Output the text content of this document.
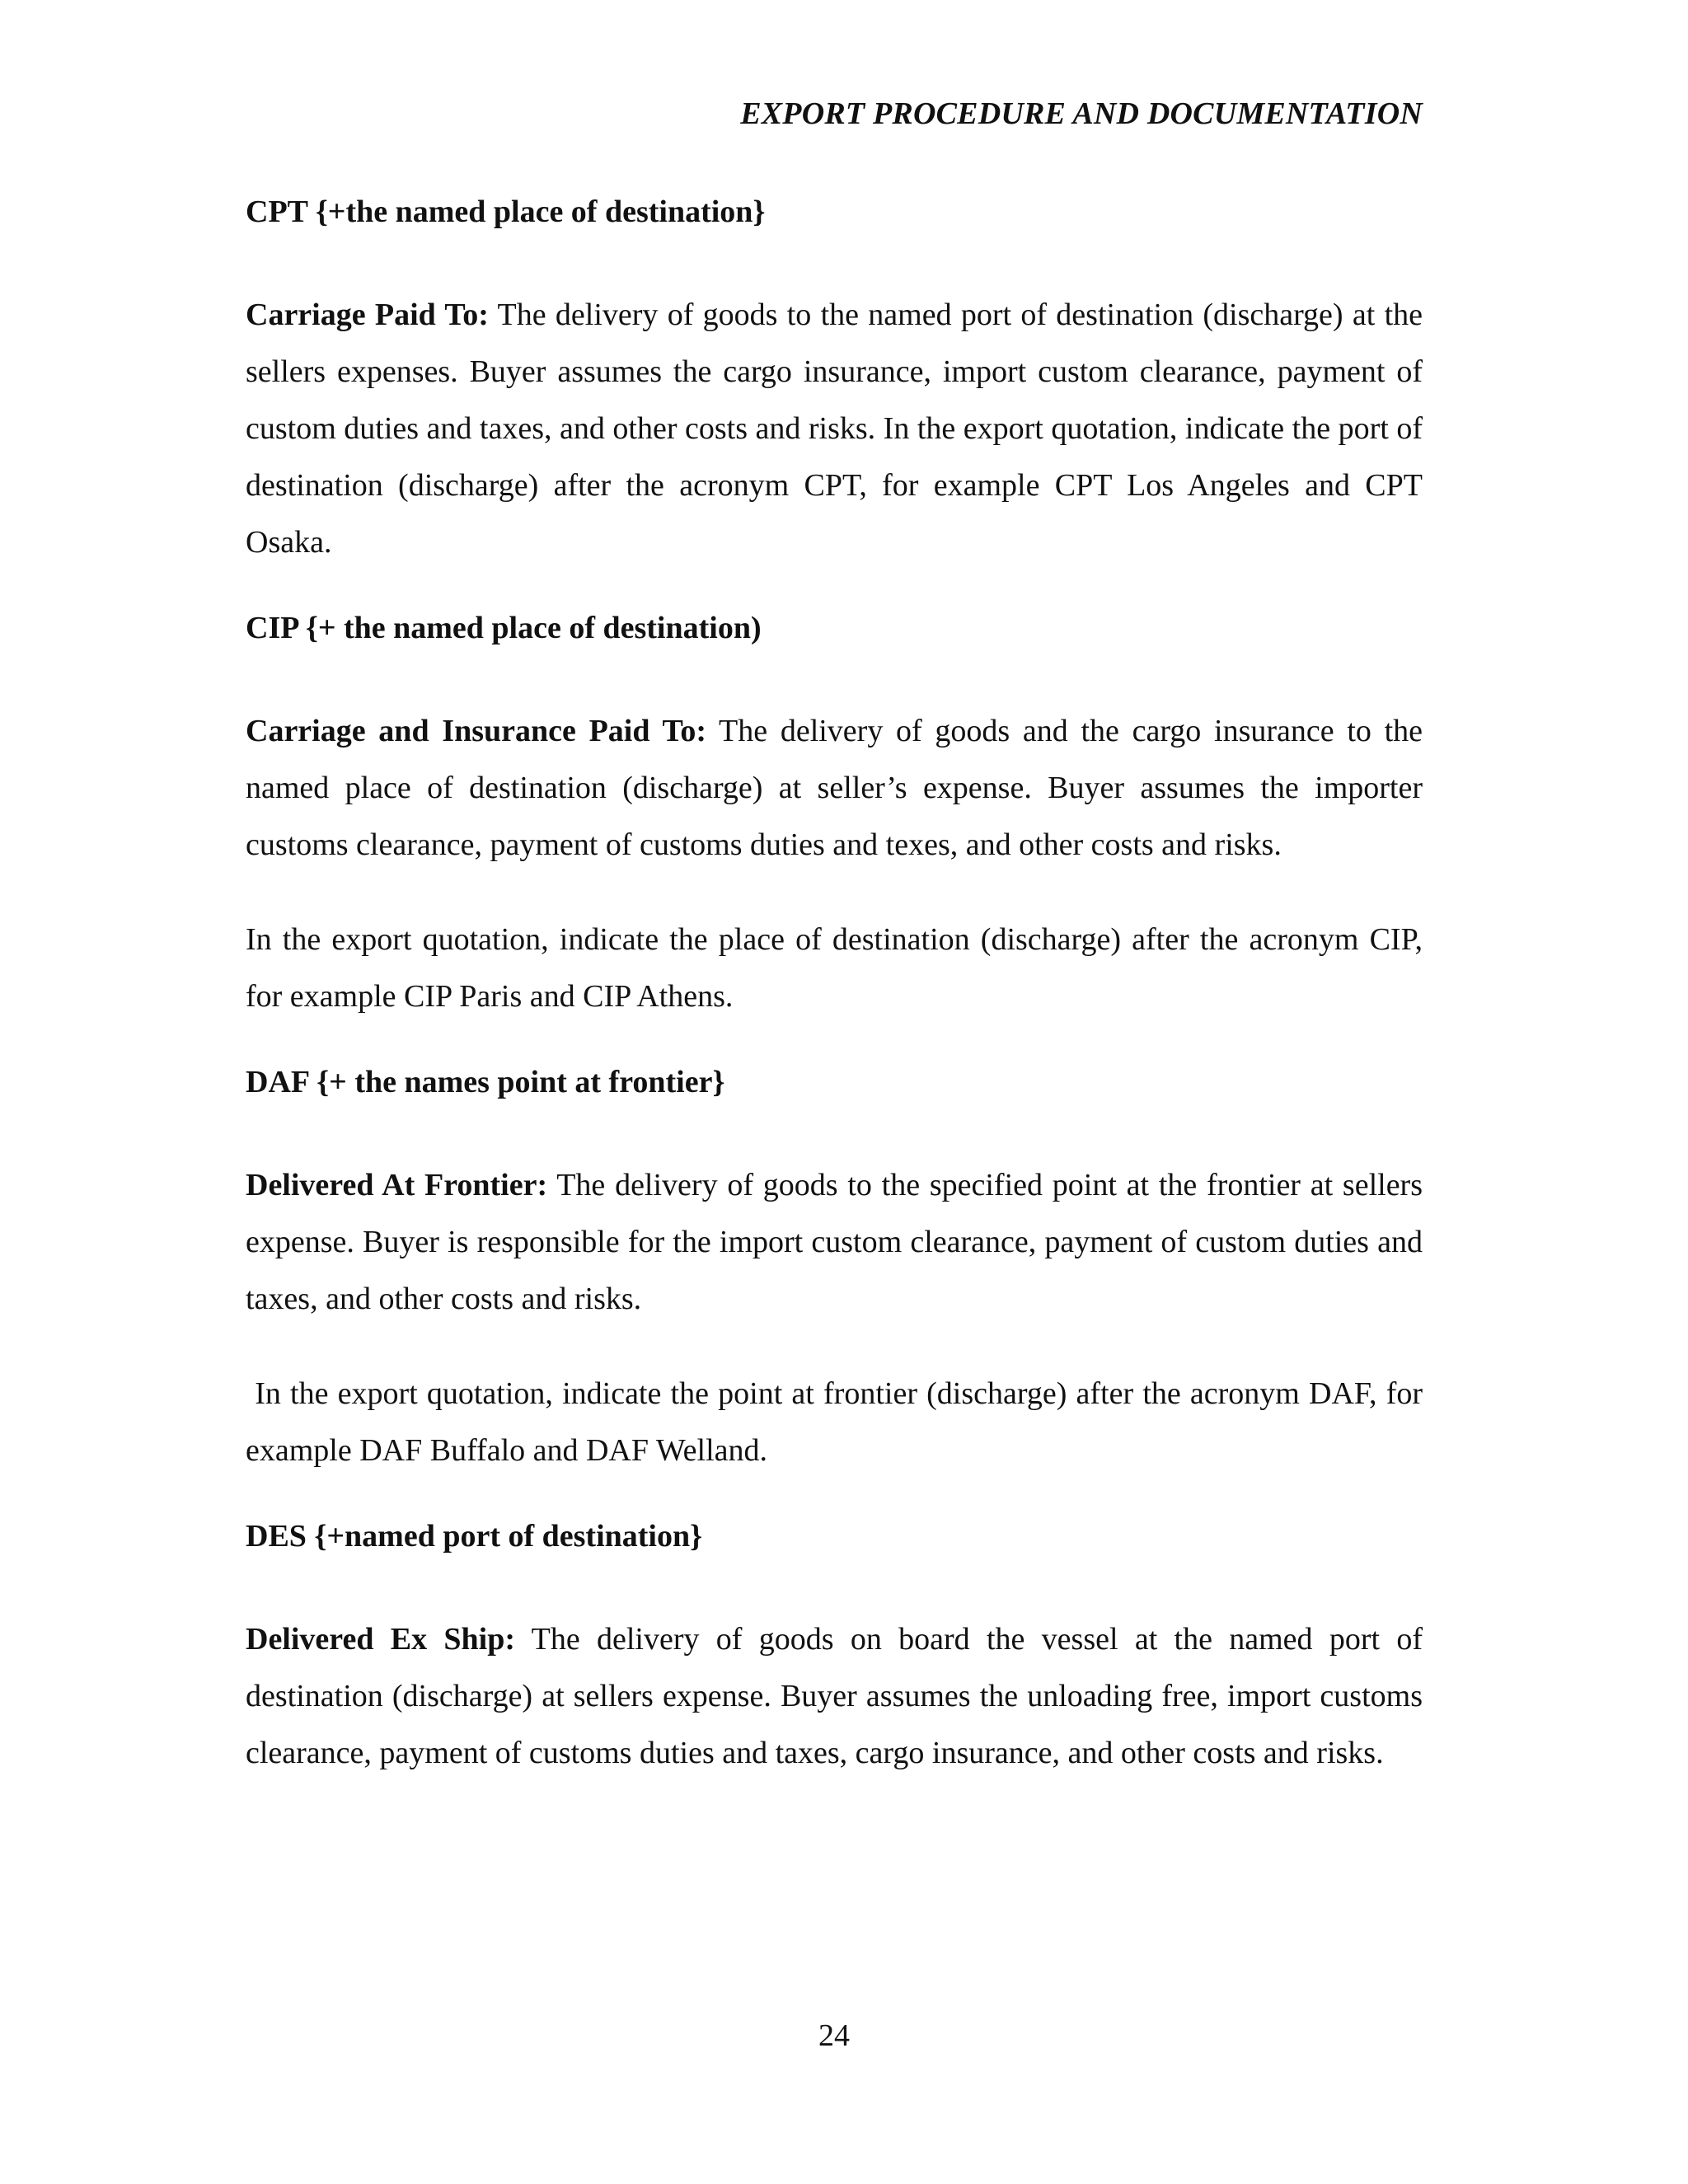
EXPORT PROCEDURE AND DOCUMENTATION
CPT {+the named place of destination}
Carriage Paid To: The delivery of goods to the named port of destination (discharge) at the sellers expenses. Buyer assumes the cargo insurance, import custom clearance, payment of custom duties and taxes, and other costs and risks. In the export quotation, indicate the port of destination (discharge) after the acronym CPT, for example CPT Los Angeles and CPT Osaka.
CIP {+ the named place of destination)
Carriage and Insurance Paid To: The delivery of goods and the cargo insurance to the named place of destination (discharge) at seller’s expense. Buyer assumes the importer customs clearance, payment of customs duties and texes, and other costs and risks.
In the export quotation, indicate the place of destination (discharge) after the acronym CIP, for example CIP Paris and CIP Athens.
DAF {+ the names point at frontier}
Delivered At Frontier: The delivery of goods to the specified point at the frontier at sellers expense. Buyer is responsible for the import custom clearance, payment of custom duties and taxes, and other costs and risks.
In the export quotation, indicate the point at frontier (discharge) after the acronym DAF, for example DAF Buffalo and DAF Welland.
DES {+named port of destination}
Delivered Ex Ship: The delivery of goods on board the vessel at the named port of destination (discharge) at sellers expense. Buyer assumes the unloading free, import customs clearance, payment of customs duties and taxes, cargo insurance, and other costs and risks.
24
